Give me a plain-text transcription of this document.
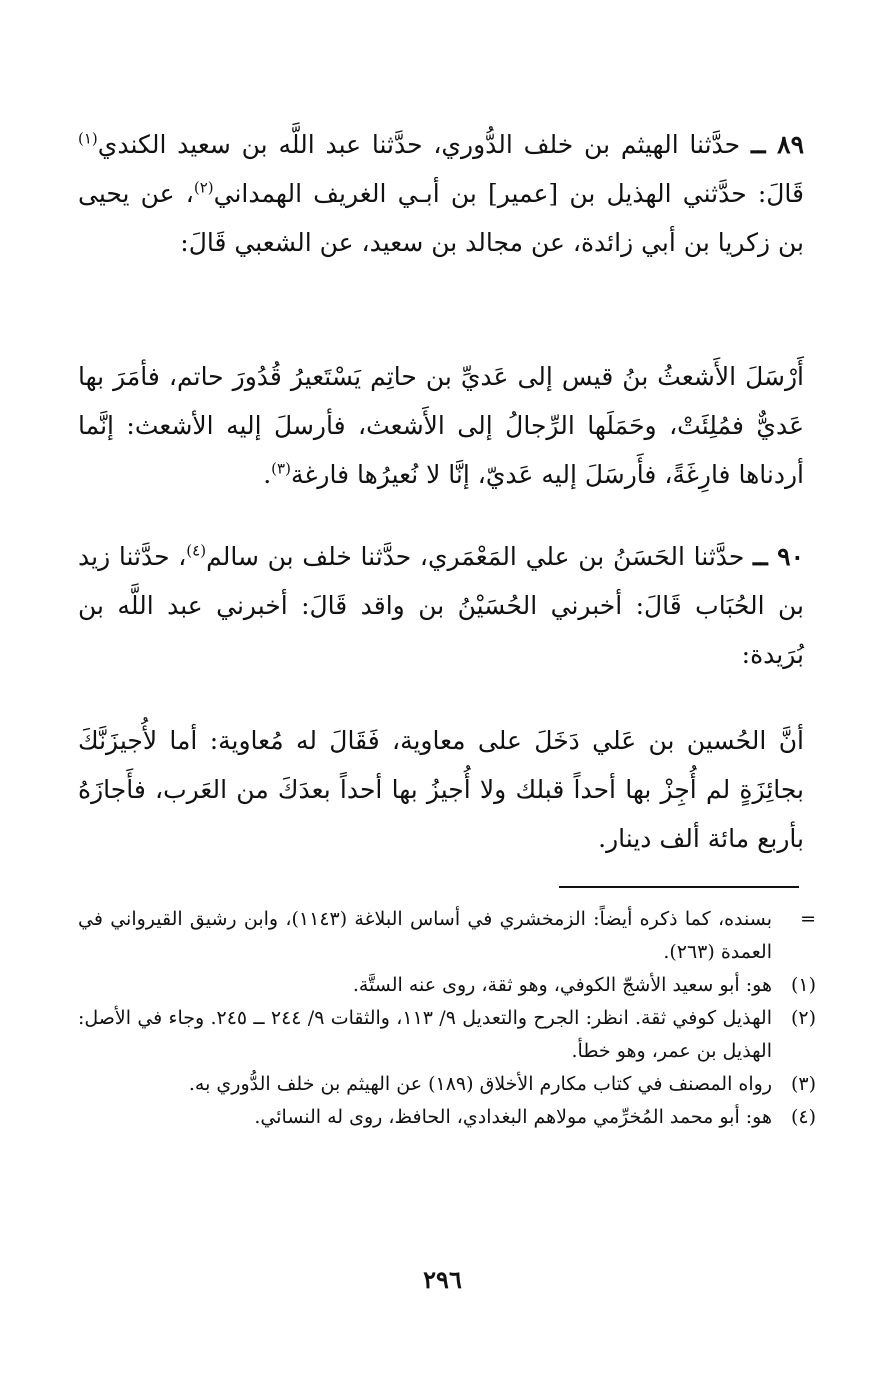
٨٩ ــ حدَّثنا الهيثم بن خلف الدُّوري، حدَّثنا عبد اللَّه بن سعيد الكندي$^{(١)}$ قَالَ: حدَّثني الهذيل بن [عمير] بن أبـي الغريف الهمداني$^{(٢)}$، عن يحيى بن زكريا بن أبي زائدة، عن مجالد بن سعيد، عن الشعبي قَالَ:

أَرْسَلَ الأَشعثُ بنُ قيس إلى عَديِّ بن حاتِم يَسْتَعيرُ قُدُورَ حاتم، فأمَرَ بها عَديٌّ فمُلِئَتْ، وحَمَلَها الرِّجالُ إلى الأَشعث، فأرسلَ إليه الأشعث: إنَّما أردناها فارِغَةً، فأَرسَلَ إليه عَديّ، إنَّا لا نُعيرُها فارغة$^{(٣)}$.

٩٠ ــ حدَّثنا الحَسَنُ بن علي المَعْمَري، حدَّثنا خلف بن سالم$^{(٤)}$، حدَّثنا زيد بن الحُبَاب قَالَ: أخبرني الحُسَيْنُ بن واقد قَالَ: أخبرني عبد اللَّه بن بُرَيدة:

أنَّ الحُسين بن عَلي دَخَلَ على معاوية، فَقَالَ له مُعاوية: أما لأُجيزَنَّكَ بجائِزَةٍ لم أُجِزْ بها أحداً قبلك ولا أُجيزُ بها أحداً بعدَكَ من العَرب، فأَجازَهُ بأربع مائة ألف دينار.

=
بسنده، كما ذكره أيضاً: الزمخشري في أساس البلاغة (١١٤٣)، وابن رشيق القيرواني في العمدة (٢٦٣).
(١)
هو: أبو سعيد الأشجّ الكوفي، وهو ثقة، روى عنه الستَّة.
(٢)
الهذيل كوفي ثقة. انظر: الجرح والتعديل ٩/ ١١٣، والثقات ٩/ ٢٤٤ ــ ٢٤٥. وجاء في الأصل: الهذيل بن عمر، وهو خطأ.
(٣)
رواه المصنف في كتاب مكارم الأخلاق (١٨٩) عن الهيثم بن خلف الدُّوري به.
(٤)
هو: أبو محمد المُخرِّمي مولاهم البغدادي، الحافظ، روى له النسائي.
٢٩٦
